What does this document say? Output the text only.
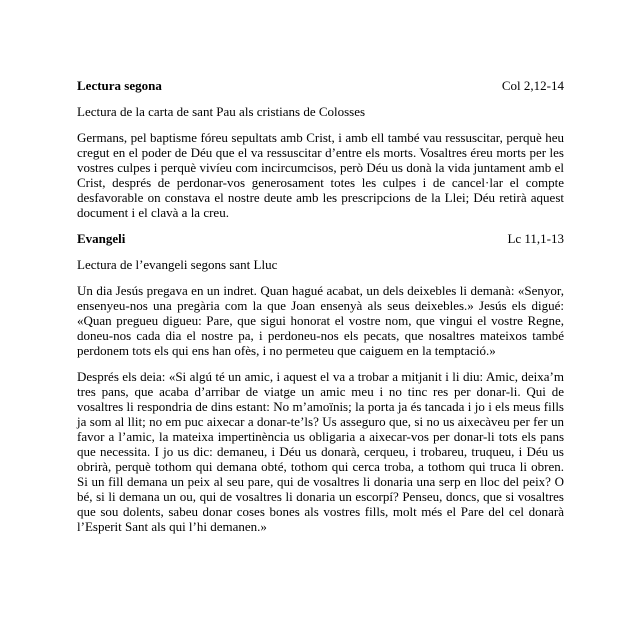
Lectura segona	Col 2,12-14
Lectura de la carta de sant Pau als cristians de Colosses

Germans, pel baptisme fóreu sepultats amb Crist, i amb ell també vau ressuscitar, perquè heu cregut en el poder de Déu que el va ressuscitar d’entre els morts. Vosaltres éreu morts per les vostres culpes i perquè vivíeu com incircumcisos, però Déu us donà la vida juntament amb el Crist, després de perdonar-vos generosament totes les culpes i de cancel·lar el compte desfavorable on constava el nostre deute amb les prescripcions de la Llei; Déu retirà aquest document i el clavà a la creu.

Evangeli	Lc 11,1-13
Lectura de l’evangeli segons sant Lluc

Un dia Jesús pregava en un indret. Quan hagué acabat, un dels deixebles li demanà: «Senyor, ensenyeu-nos una pregària com la que Joan ensenyà als seus deixebles.» Jesús els digué: «Quan pregueu digueu: Pare, que sigui honorat el vostre nom, que vingui el vostre Regne, doneu-nos cada dia el nostre pa, i perdoneu-nos els pecats, que nosaltres mateixos també perdonem tots els qui ens han ofès, i no permeteu que caiguem en la temptació.»

Després els deia: «Si algú té un amic, i aquest el va a trobar a mitjanit i li diu: Amic, deixa’m tres pans, que acaba d’arribar de viatge un amic meu i no tinc res per donar-li. Qui de vosaltres li respondria de dins estant: No m’amoïnis; la porta ja és tancada i jo i els meus fills ja som al llit; no em puc aixecar a donar-te’ls? Us asseguro que, si no us aixecàveu per fer un favor a l’amic, la mateixa impertinència us obligaria a aixecar-vos per donar-li tots els pans que necessita. I jo us dic: demaneu, i Déu us donarà, cerqueu, i trobareu, truqueu, i Déu us obrirà, perquè tothom qui demana obté, tothom qui cerca troba, a tothom qui truca li obren. Si un fill demana un peix al seu pare, qui de vosaltres li donaria una serp en lloc del peix? O bé, si li demana un ou, qui de vosaltres li donaria un escorpí? Penseu, doncs, que si vosaltres que sou dolents, sabeu donar coses bones als vostres fills, molt més el Pare del cel donarà l’Esperit Sant als qui l’hi demanen.»
